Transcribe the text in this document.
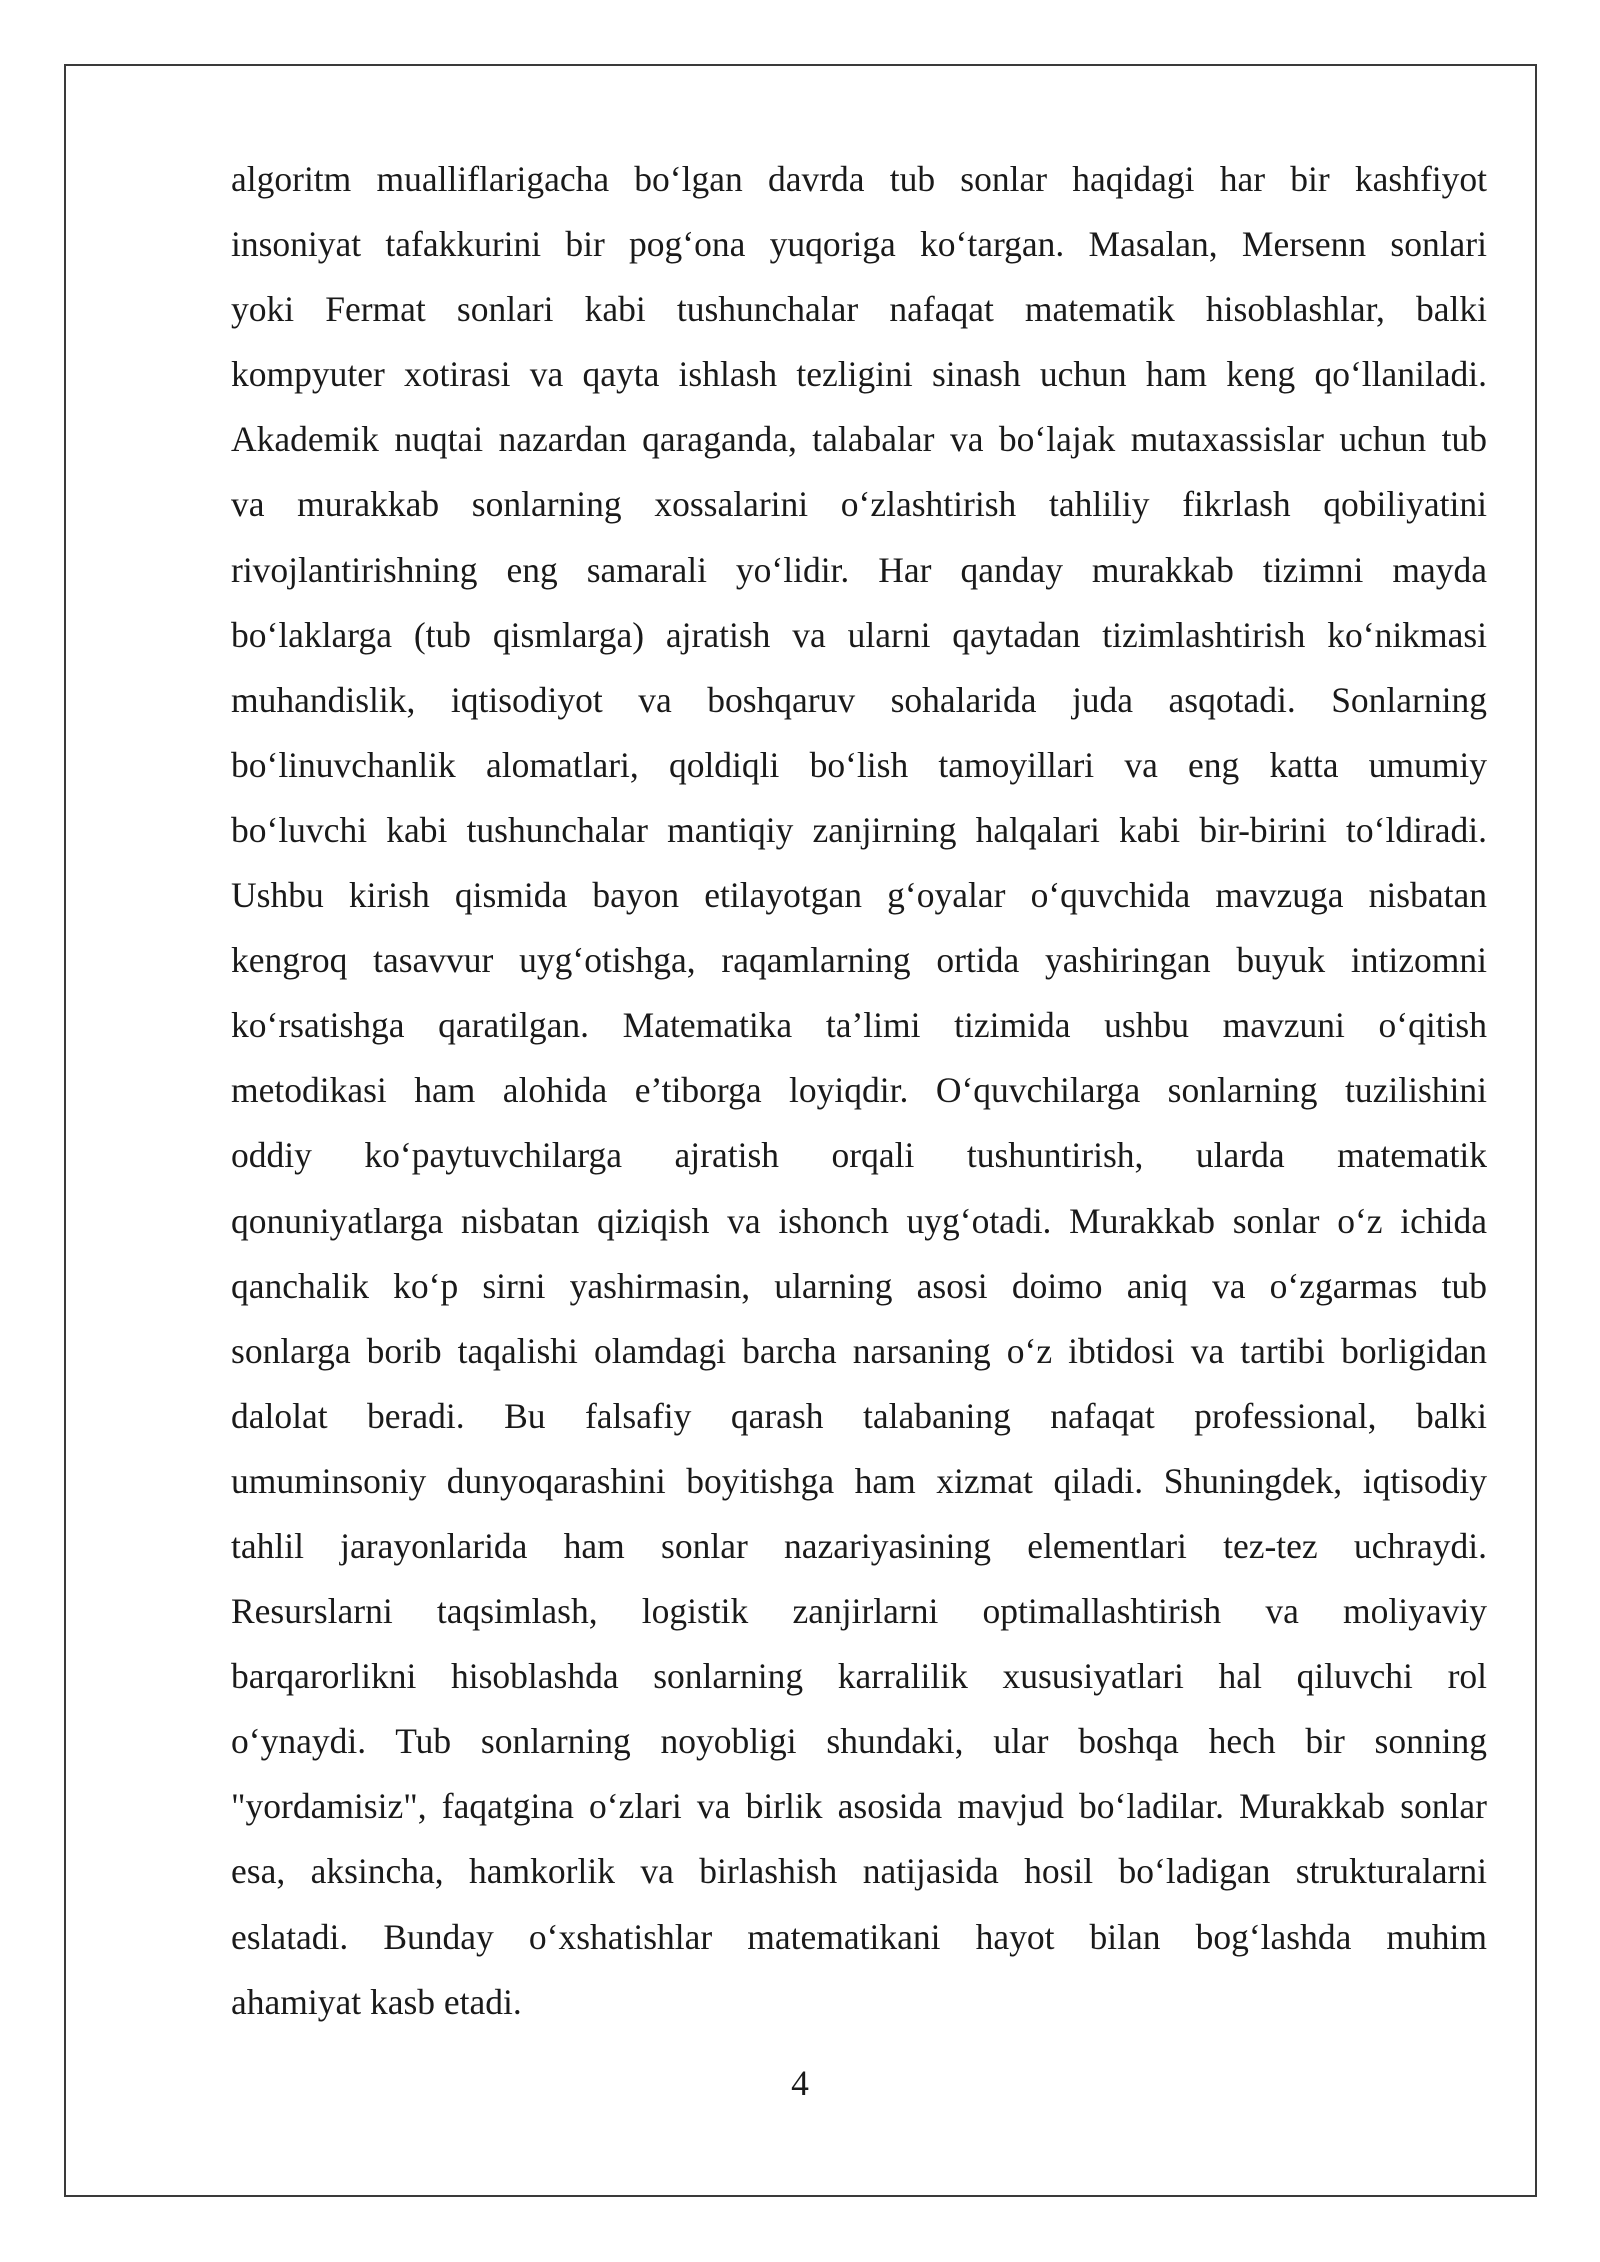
algoritm mualliflarigacha bo‘lgan davrda tub sonlar haqidagi har bir kashfiyot
insoniyat tafakkurini bir pog‘ona yuqoriga ko‘targan. Masalan, Mersenn sonlari
yoki Fermat sonlari kabi tushunchalar nafaqat matematik hisoblashlar, balki
kompyuter xotirasi va qayta ishlash tezligini sinash uchun ham keng qo‘llaniladi.
Akademik nuqtai nazardan qaraganda, talabalar va bo‘lajak mutaxassislar uchun tub
va murakkab sonlarning xossalarini o‘zlashtirish tahliliy fikrlash qobiliyatini
rivojlantirishning eng samarali yo‘lidir. Har qanday murakkab tizimni mayda
bo‘laklarga (tub qismlarga) ajratish va ularni qaytadan tizimlashtirish ko‘nikmasi
muhandislik, iqtisodiyot va boshqaruv sohalarida juda asqotadi. Sonlarning
bo‘linuvchanlik alomatlari, qoldiqli bo‘lish tamoyillari va eng katta umumiy
bo‘luvchi kabi tushunchalar mantiqiy zanjirning halqalari kabi bir-birini to‘ldiradi.
Ushbu kirish qismida bayon etilayotgan g‘oyalar o‘quvchida mavzuga nisbatan
kengroq tasavvur uyg‘otishga, raqamlarning ortida yashiringan buyuk intizomni
ko‘rsatishga qaratilgan. Matematika ta’limi tizimida ushbu mavzuni o‘qitish
metodikasi ham alohida e’tiborga loyiqdir. O‘quvchilarga sonlarning tuzilishini
oddiy ko‘paytuvchilarga ajratish orqali tushuntirish, ularda matematik
qonuniyatlarga nisbatan qiziqish va ishonch uyg‘otadi. Murakkab sonlar o‘z ichida
qanchalik ko‘p sirni yashirmasin, ularning asosi doimo aniq va o‘zgarmas tub
sonlarga borib taqalishi olamdagi barcha narsaning o‘z ibtidosi va tartibi borligidan
dalolat beradi. Bu falsafiy qarash talabaning nafaqat professional, balki
umuminsoniy dunyoqarashini boyitishga ham xizmat qiladi. Shuningdek, iqtisodiy
tahlil jarayonlarida ham sonlar nazariyasining elementlari tez-tez uchraydi.
Resurslarni taqsimlash, logistik zanjirlarni optimallashtirish va moliyaviy
barqarorlikni hisoblashda sonlarning karralilik xususiyatlari hal qiluvchi rol
o‘ynaydi. Tub sonlarning noyobligi shundaki, ular boshqa hech bir sonning
"yordamisiz", faqatgina o‘zlari va birlik asosida mavjud bo‘ladilar. Murakkab sonlar
esa, aksincha, hamkorlik va birlashish natijasida hosil bo‘ladigan strukturalarni
eslatadi. Bunday o‘xshatishlar matematikani hayot bilan bog‘lashda muhim
ahamiyat kasb etadi.
4
